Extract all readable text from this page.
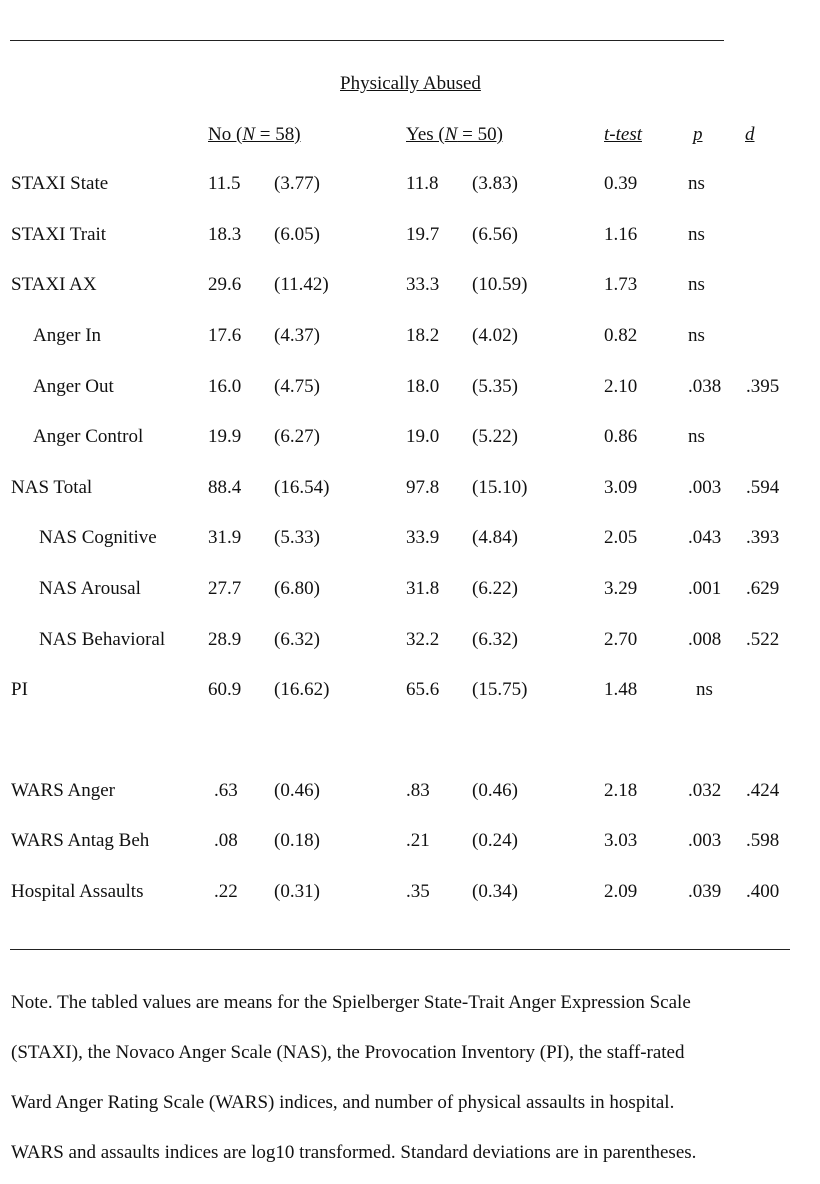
Physically Abused
No (N = 58)	Yes (N = 50)	t-test	p d
STAXI State	11.5 (3.77)	11.8 (3.83)	0.39	ns
STAXI Trait	18.3 (6.05)	19.7 (6.56)	1.16	ns
STAXI AX	29.6 (11.42)	33.3 (10.59)	1.73	ns
Anger In	17.6 (4.37)	18.2 (4.02)	0.82	ns
Anger Out	16.0 (4.75)	18.0 (5.35)	2.10	.038 .395
Anger Control	19.9 (6.27)	19.0 (5.22)	0.86	ns
NAS Total	88.4 (16.54)	97.8 (15.10)	3.09	.003 .594
NAS Cognitive	31.9 (5.33)	33.9 (4.84)	2.05	.043 .393
NAS Arousal	27.7 (6.80)	31.8 (6.22)	3.29	.001 .629
NAS Behavioral 28.9 (6.32)	32.2 (6.32)	2.70	.008 .522
PI	60.9 (16.62)	65.6 (15.75)	1.48	ns
WARS Anger	.63 (0.46)	.83 (0.46)	2.18	.032 .424
WARS Antag Beh	.08 (0.18)	.21 (0.24)	3.03	.003 .598
Hospital Assaults	.22 (0.31)	.35 (0.34)	2.09	.039 .400

Note. The tabled values are means for the Spielberger State-Trait Anger Expression Scale
(STAXI), the Novaco Anger Scale (NAS), the Provocation Inventory (PI), the staff-rated
Ward Anger Rating Scale (WARS) indices, and number of physical assaults in hospital.
WARS and assaults indices are log10 transformed. Standard deviations are in parentheses.
